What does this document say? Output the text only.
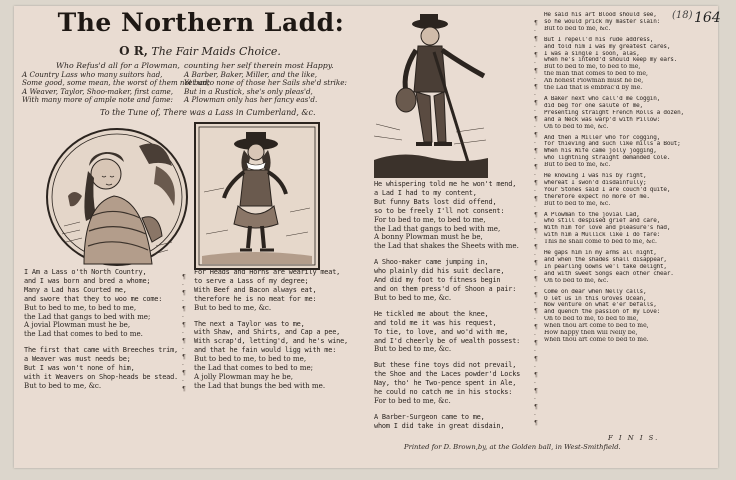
(18) 164
The Northern Ladd:
O R, The Fair Maids Choice.
Who Refus'd all for a Plowman,
A Country Lass who many suitors had,
Some good, some mean, the worst of them not bad;
A Weaver, Taylor, Shoo-maker, first came,
With many more of ample note and fame:
counting her self therein most Happy.
A Barber, Baker, Miller, and the like,
Yet unto none of those her Sails she'd strike:
But in a Rustick, she's only pleas'd,
A Plowman only has her fancy eas'd.
To the Tune of, There was a Lass in Cumberland, &c.
I Am a Lass o'th North Country,
and I was born and bred a whome;
Many a Lad has Courted me,
and swore that they to woo me come:
But to bed to me, to bed to me,
the Lad that gangs to bed with me;
A jovial Plowman must he be,
the Lad that comes to bed to me.
The first that came with Breeches trim,
a Weaver was must needs be;
But I was won't none of him,
with it Weavers on Shop-heads be stead.
But to bed to me, &c.
¶
·
¶
·
¶
·
¶
·
¶
·
¶
·
¶
·
¶
For Heads and Horns are wearily meat,
to serve a Lass of my degree;
With Beef and Bacon always eat,
therefore he is no meat for me:
But to bed to me, &c.
The next a Taylor was to me,
with Shaw, and Shirts, and Cap a pee,
With scrap'd, letting'd, and he's wine,
and that he fain would ligg with me:
But to bed to me, to bed to me,
the Lad that comes to bed to me;
A jolly Plowman may he be,
the Lad that bungs the bed with me.
He whispering told me he won't mend,
a Lad I had to my content,
But funny Bats lost did offend,
so to be freely I'll not consent:
For to bed to me, to bed to me,
the Lad that gangs to bed with me,
A bonny Plowman must he be,
the Lad that shakes the Sheets with me.
A Shoo-maker came jumping in,
who plainly did his suit declare,
And did my foot to fitness begin
and on them press'd of Shoon a pair:
But to bed to me, &c.
He tickled me about the knee,
and told me it was his request,
To tie, to love, and wo'd with me,
and I'd cheerly be of wealth possest:
But to bed to me, &c.
But these fine toys did not prevail,
the Shoe and the Laces powder'd Locks
Nay, tho' he Two-pence spent in Ale,
he could no catch me in his stocks:
For to bed to me, &c.
A Barber-Surgeon came to me,
whom I did take in great disdain,
¶
·
¶
·
¶
·
¶
·
¶
·
¶
·
¶
·
¶
·
¶
·
¶
·
¶
·
¶
·
¶
·
¶
·
¶
·
¶
·
¶
·
¶
·
¶
·
¶
·
¶
·
¶
·
¶
·
¶
·
¶
·
¶
He said his art Blood should see,
so he would prick my master slain:
But to bed to me, &c.
But I repell'd his rude address,
and told him I was my greatest cares,
I was a single I soon, alas,
when he's intend'd should keep my ears.
But to bed to me, to bed to me,
the man that comes to bed to me,
An honest Plowman must he be,
the Lad that is embrac'd by me.
A Baker next who call'd me Coggin,
did beg for one salute of me,
Presenting straight French Rolls a dozen,
and a Neck was warp'd with Pillow:
Oh to bed to me, &c.
And then a Miller who for cogging,
for thieving and such like mills a Bout;
When his Wife came jolly jogging,
who lightning straight demanded Cole.
But to bed to me, &c.
He knowing I was his by right,
whereat I swon'd disdainfully;
Your Stones said I are couch'd quite,
therefore expect no more of me.
But to bed to me, &c.
A Plowman to the jovial Lad,
who still despised grief and care,
With him for love and pleasure's had,
with him a Mullick like I do fare:
This he shall come to bed to me, &c.
He gaps him in my arms all night,
and when the shades shall disappear,
In pearling Gowns we'l take delight,
and with sweet Songs each other chear.
Oh to bed to me, &c.
Come on dear when Nelly calls,
O let us in this Groves Ocean,
Now venture on what e'er befalls,
and quench the passion of my Love:
Oh to bed to me, to bed to me,
when thou art come to bed to me,
How happy then will Nelly be,
when thou art come to bed to me.
F I N I S.
Printed for D. Brown,by, at the Golden ball, in West-Smithfield.
